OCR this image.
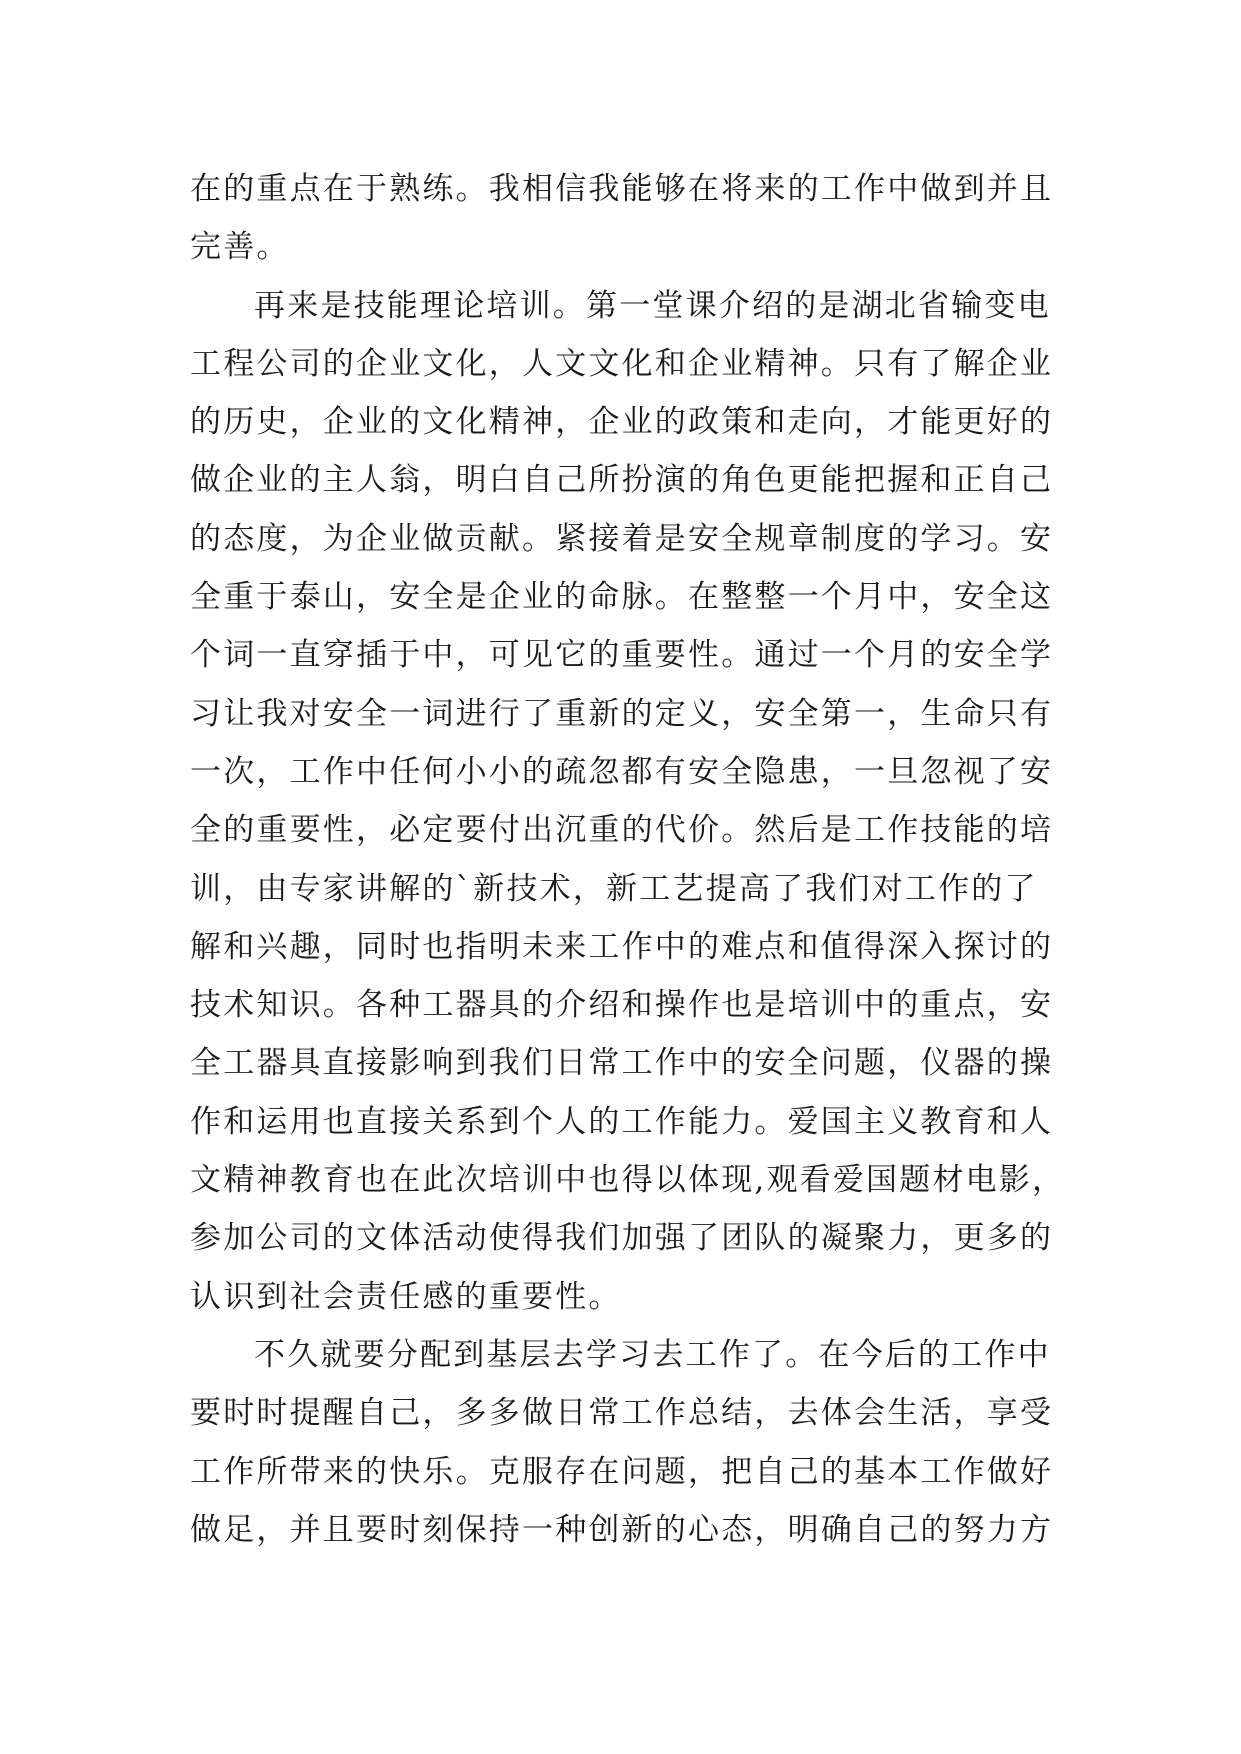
在的重点在于熟练。我相信我能够在将来的工作中做到并且
完善。
再来是技能理论培训。第一堂课介绍的是湖北省输变电
工程公司的企业文化，人文文化和企业精神。只有了解企业
的历史，企业的文化精神，企业的政策和走向，才能更好的
做企业的主人翁，明白自己所扮演的角色更能把握和正自己
的态度，为企业做贡献。紧接着是安全规章制度的学习。安
全重于泰山，安全是企业的命脉。在整整一个月中，安全这
个词一直穿插于中，可见它的重要性。通过一个月的安全学
习让我对安全一词进行了重新的定义，安全第一，生命只有
一次，工作中任何小小的疏忽都有安全隐患，一旦忽视了安
全的重要性，必定要付出沉重的代价。然后是工作技能的培
训，由专家讲解的`新技术，新工艺提高了我们对工作的了
解和兴趣，同时也指明未来工作中的难点和值得深入探讨的
技术知识。各种工器具的介绍和操作也是培训中的重点，安
全工器具直接影响到我们日常工作中的安全问题，仪器的操
作和运用也直接关系到个人的工作能力。爱国主义教育和人
文精神教育也在此次培训中也得以体现,观看爱国题材电影，
参加公司的文体活动使得我们加强了团队的凝聚力，更多的
认识到社会责任感的重要性。
不久就要分配到基层去学习去工作了。在今后的工作中
要时时提醒自己，多多做日常工作总结，去体会生活，享受
工作所带来的快乐。克服存在问题，把自己的基本工作做好
做足，并且要时刻保持一种创新的心态，明确自己的努力方
